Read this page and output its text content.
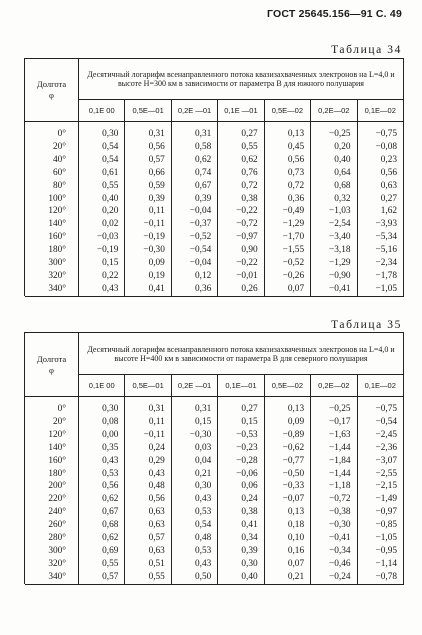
ГОСТ 25645.156—91 С. 49
Таблица 34
Долгота
φ	Десятичный логарифм всенаправленного потока квазизахваченных электронов на L=4,0 и высоте H=300 км в зависимости от параметра B для южного полушария						
	0,1E 00	0,5E—01	0,2E —01	0,1E —01	0,5E—02	0,2E—02	0,1E—02
0°	0,30	0,31	0,31	0,27	0,13	−0,25	−0,75
20°	0,54	0,56	0,58	0,55	0,45	0,20	−0,08
40°	0,54	0,57	0,62	0,62	0,56	0,40	0,23
60°	0,61	0,66	0,74	0,76	0,73	0,64	0,56
80°	0,55	0,59	0,67	0,72	0,72	0,68	0,63
100°	0,40	0,39	0,39	0,38	0,36	0,32	0,27
120°	0,20	0,11	−0,04	−0,22	−0,49	−1,03	1,62
140°	0,02	−0,11	−0,37	−0,72	−1,29	−2,54	−3,93
160°	−0,03	−0,19	−0,52	−0,97	−1,70	−3,40	−5,34
180°	−0,19	−0,30	−0,54	0,90	−1,55	−3,18	−5,16
300°	0,15	0,09	−0,04	−0,22	−0,52	−1,29	−2,34
320°	0,22	0,19	0,12	−0,01	−0,26	−0,90	−1,78
340°	0,43	0,41	0,36	0,26	0,07	−0,41	−1,05

Таблица 35
Долгота
φ	Десятичный логарифм всенаправленного потока квазизахваченных электронов на L=4,0 и высоте H=400 км в зависимости от параметра B для северного полушария						
	0,1E 00	0,5E—01	0,2E —01	0,1E—01	0,5E—02	0,2E—02	0,1E—02
0°	0,30	0,31	0,31	0,27	0,13	−0,25	−0,75
20°	0,08	0,11	0,15	0,15	0,09	−0,17	−0,54
120°	0,00	−0,11	−0,30	−0,53	−0,89	−1,63	−2,45
140°	0,35	0,24	0,03	−0,23	−0,62	−1,44	−2,36
160°	0,43	0,29	0,04	−0,28	−0,77	−1,84	−3,07
180°	0,53	0,43	0,21	−0,06	−0,50	−1,44	−2,55
200°	0,56	0,48	0,30	0,06	−0,33	−1,18	−2,15
220°	0,62	0,56	0,43	0,24	−0,07	−0,72	−1,49
240°	0,67	0,63	0,53	0,38	0,13	−0,38	−0,97
260°	0,68	0,63	0,54	0,41	0,18	−0,30	−0,85
280°	0,62	0,57	0,48	0,34	0,10	−0,41	−1,05
300°	0,69	0,63	0,53	0,39	0,16	−0,34	−0,95
320°	0,55	0,51	0,43	0,30	0,07	−0,46	−1,14
340°	0,57	0,55	0,50	0,40	0,21	−0,24	−0,78
